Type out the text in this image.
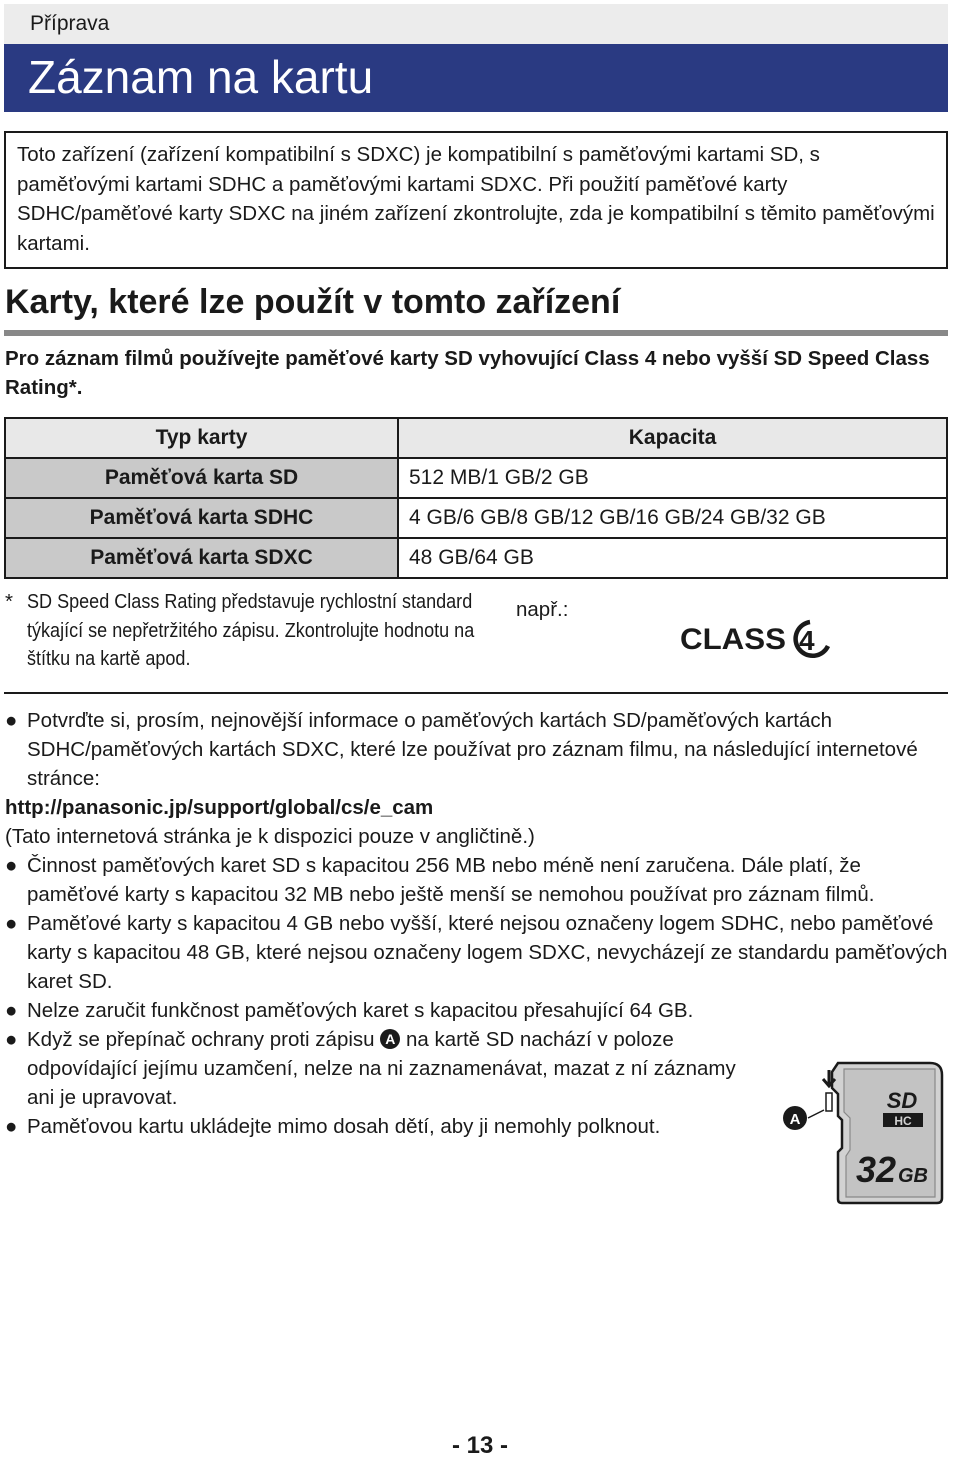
Příprava
Záznam na kartu
Toto zařízení (zařízení kompatibilní s SDXC) je kompatibilní s paměťovými kartami SD, s paměťovými kartami SDHC a paměťovými kartami SDXC. Při použití paměťové karty SDHC/paměťové karty SDXC na jiném zařízení zkontrolujte, zda je kompatibilní s těmito paměťovými kartami.
Karty, které lze použít v tomto zařízení
Pro záznam filmů používejte paměťové karty SD vyhovující Class 4 nebo vyšší SD Speed Class Rating*.
Typ karty	Kapacita
Paměťová karta SD	512 MB/1 GB/2 GB
Paměťová karta SDHC	4 GB/6 GB/8 GB/12 GB/16 GB/24 GB/32 GB
Paměťová karta SDXC	48 GB/64 GB
* SD Speed Class Rating představuje rychlostní standard týkající se nepřetržitého zápisu. Zkontrolujte hodnotu na štítku na kartě apod.
např.:
CLASS 4
● Potvrďte si, prosím, nejnovější informace o paměťových kartách SD/paměťových kartách SDHC/paměťových kartách SDXC, které lze používat pro záznam filmu, na následující internetové stránce:
http://panasonic.jp/support/global/cs/e_cam
(Tato internetová stránka je k dispozici pouze v angličtině.)
● Činnost paměťových karet SD s kapacitou 256 MB nebo méně není zaručena. Dále platí, že paměťové karty s kapacitou 32 MB nebo ještě menší se nemohou používat pro záznam filmů.
● Paměťové karty s kapacitou 4 GB nebo vyšší, které nejsou označeny logem SDHC, nebo paměťové karty s kapacitou 48 GB, které nejsou označeny logem SDXC, nevycházejí ze standardu paměťových karet SD.
● Nelze zaručit funkčnost paměťových karet s kapacitou přesahující 64 GB.
● Když se přepínač ochrany proti zápisu A na kartě SD nachází v poloze odpovídající jejímu uzamčení, nelze na ni zaznamenávat, mazat z ní záznamy ani je upravovat.
● Paměťovou kartu ukládejte mimo dosah dětí, aby ji nemohly polknout.	A
SD
HC
32 GB
- 13 -
